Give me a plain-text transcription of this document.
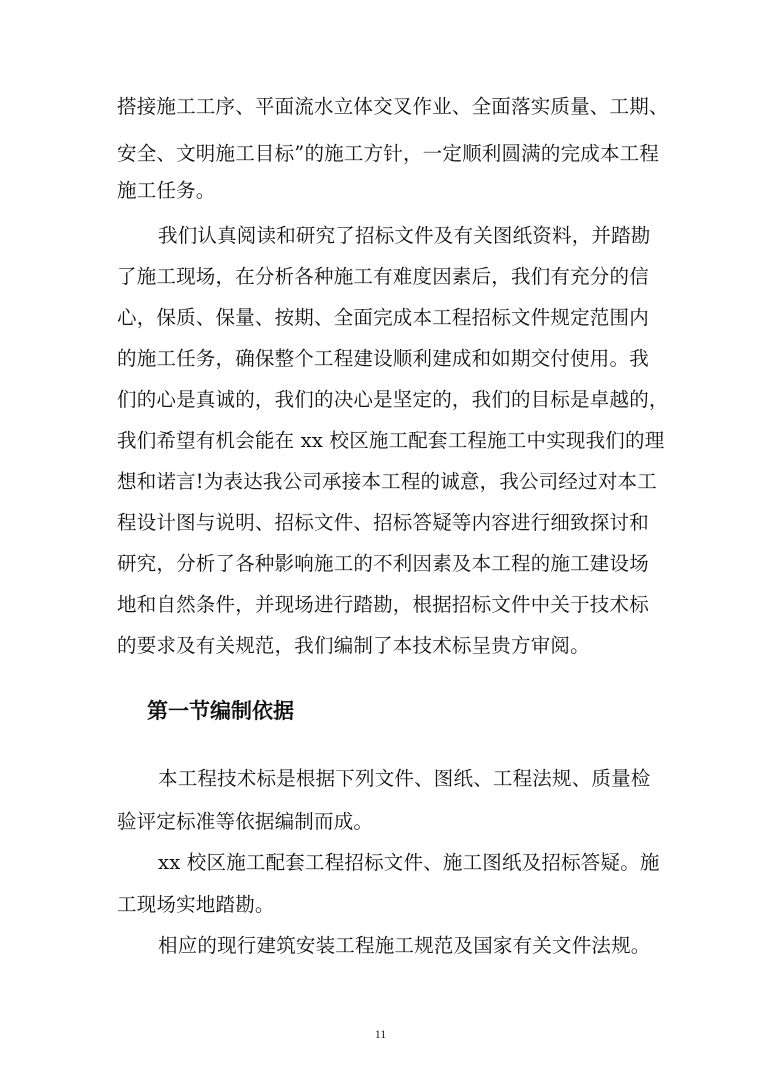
搭接施工工序、平面流水立体交叉作业、全面落实质量、工期、
安全、文明施工目标”的施工方针，一定顺利圆满的完成本工程
施工任务。
我们认真阅读和研究了招标文件及有关图纸资料，并踏勘
了施工现场，在分析各种施工有难度因素后，我们有充分的信
心，保质、保量、按期、全面完成本工程招标文件规定范围内
的施工任务，确保整个工程建设顺利建成和如期交付使用。我
们的心是真诚的，我们的决心是坚定的，我们的目标是卓越的，
我们希望有机会能在 xx 校区施工配套工程施工中实现我们的理
想和诺言!为表达我公司承接本工程的诚意，我公司经过对本工
程设计图与说明、招标文件、招标答疑等内容进行细致探讨和
研究，分析了各种影响施工的不利因素及本工程的施工建设场
地和自然条件，并现场进行踏勘，根据招标文件中关于技术标
的要求及有关规范，我们编制了本技术标呈贵方审阅。
第一节编制依据
本工程技术标是根据下列文件、图纸、工程法规、质量检
验评定标准等依据编制而成。
xx 校区施工配套工程招标文件、施工图纸及招标答疑。施
工现场实地踏勘。
相应的现行建筑安装工程施工规范及国家有关文件法规。
11
